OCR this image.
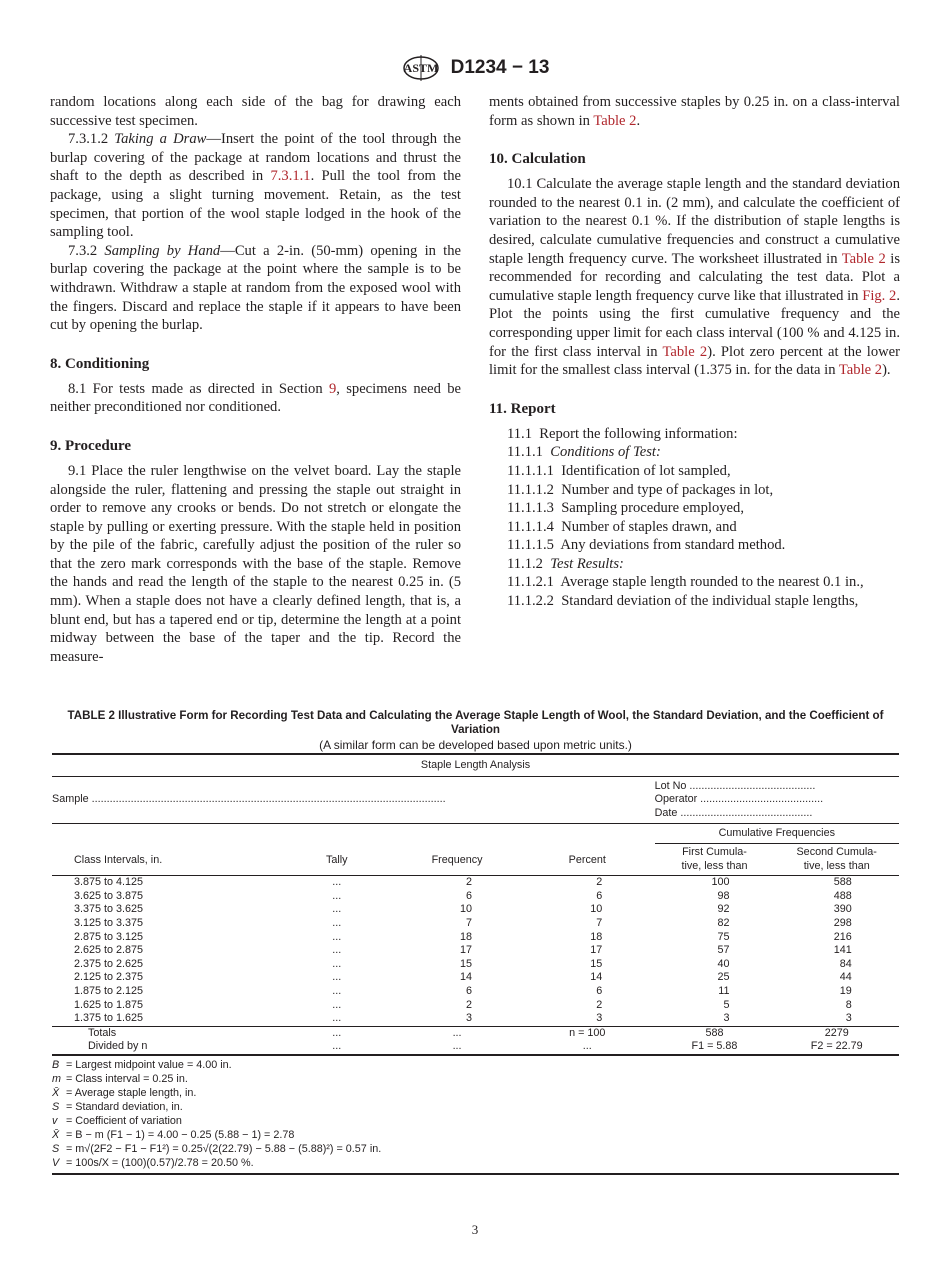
ASTM D1234 − 13

random locations along each side of the bag for drawing each successive test specimen.

7.3.1.2 Taking a Draw—Insert the point of the tool through the burlap covering of the package at random locations and thrust the shaft to the depth as described in 7.3.1.1. Pull the tool from the package, using a slight turning movement. Retain, as the test specimen, that portion of the wool staple lodged in the hook of the sampling tool.

7.3.2 Sampling by Hand—Cut a 2-in. (50-mm) opening in the burlap covering the package at the point where the sample is to be withdrawn. Withdraw a staple at random from the exposed wool with the fingers. Discard and replace the staple if it appears to have been cut by opening the burlap.

8. Conditioning

8.1 For tests made as directed in Section 9, specimens need be neither preconditioned nor conditioned.

9. Procedure

9.1 Place the ruler lengthwise on the velvet board. Lay the staple alongside the ruler, flattening and pressing the staple out straight in order to remove any crooks or bends. Do not stretch or elongate the staple by pulling or exerting pressure. With the staple held in position by the pile of the fabric, carefully adjust the position of the ruler so that the zero mark corresponds with the base of the staple. Remove the hands and read the length of the staple to the nearest 0.25 in. (5 mm). When a staple does not have a clearly defined length, that is, a blunt end, but has a tapered end or tip, determine the length at a point midway between the base of the taper and the tip. Record the measure-

ments obtained from successive staples by 0.25 in. on a class-interval form as shown in Table 2.

10. Calculation

10.1 Calculate the average staple length and the standard deviation rounded to the nearest 0.1 in. (2 mm), and calculate the coefficient of variation to the nearest 0.1 %. If the distribution of staple lengths is desired, calculate cumulative frequencies and construct a cumulative staple length frequency curve. The worksheet illustrated in Table 2 is recommended for recording and calculating the test data. Plot a cumulative staple length frequency curve like that illustrated in Fig. 2. Plot the points using the first cumulative frequency and the corresponding upper limit for each class interval (100 % and 4.125 in. for the first class interval in Table 2). Plot zero percent at the lower limit for the smallest class interval (1.375 in. for the data in Table 2).

11. Report

11.1 Report the following information:

11.1.1 Conditions of Test:

11.1.1.1 Identification of lot sampled,

11.1.1.2 Number and type of packages in lot,

11.1.1.3 Sampling procedure employed,

11.1.1.4 Number of staples drawn, and

11.1.1.5 Any deviations from standard method.

11.1.2 Test Results:

11.1.2.1 Average staple length rounded to the nearest 0.1 in.,

11.1.2.2 Standard deviation of the individual staple lengths,

TABLE 2 Illustrative Form for Recording Test Data and Calculating the Average Staple Length of Wool, the Standard Deviation, and the Coefficient of Variation
(A similar form can be developed based upon metric units.)
Staple Length Analysis					
Sample ......................................................................................................................				Lot No ..........................................
Operator .........................................
Date ............................................	

Class Intervals, in.	Tally	Frequency	Percent	Cumulative Frequencies	

First Cumula-
tive, less than

Second Cumula-
tive, less than

3.875 to 4.125	...	2	2	100	588
3.625 to 3.875	...	6	6	98	488
3.375 to 3.625	...	10	10	92	390
3.125 to 3.375	...	7	7	82	298
2.875 to 3.125	...	18	18	75	216
2.625 to 2.875	...	17	17	57	141
2.375 to 2.625	...	15	15	40	84
2.125 to 2.375	...	14	14	25	44
1.875 to 2.125	...	6	6	11	19
1.625 to 1.875	...	2	2	5	8
1.375 to 1.625	...	3	3	3	3
Totals	...	...	n = 100	588	2279
Divided by n	...	...	...	F1 = 5.88	F2 = 22.79

B = Largest midpoint value = 4.00 in.
m = Class interval = 0.25 in.
X̄ = Average staple length, in.
S = Standard deviation, in.
v = Coefficient of variation
X̄ = B − m (F1 − 1) = 4.00 − 0.25 (5.88 − 1) = 2.78
S = m√(2F2 − F1 − F1²) = 0.25√(2(22.79) − 5.88 − (5.88)²) = 0.57 in.
V = 100s/X = (100)(0.57)/2.78 = 20.50 %.

3
